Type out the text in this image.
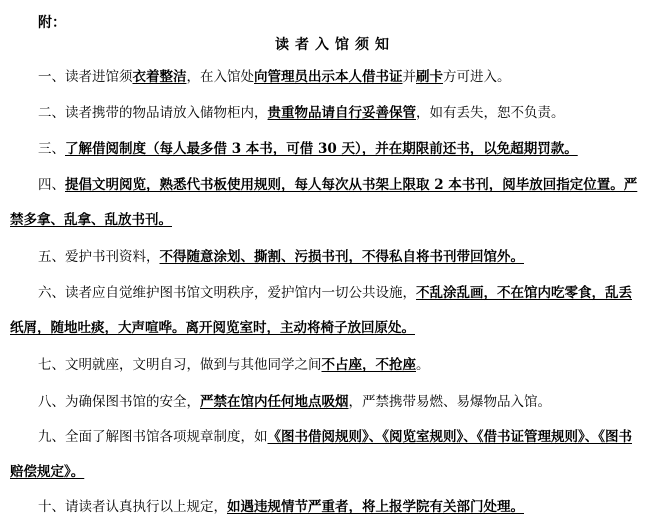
附：
读者入馆须知
一、读者进馆须衣着整洁，在入馆处向管理员出示本人借书证并刷卡方可进入。
二、读者携带的物品请放入储物柜内，贵重物品请自行妥善保管，如有丢失，恕不负责。
三、了解借阅制度（每人最多借 3 本书，可借 30 天），并在期限前还书，以免超期罚款。
四、提倡文明阅览，熟悉代书板使用规则，每人每次从书架上限取 2 本书刊，阅毕放回指定位置。严
禁多拿、乱拿、乱放书刊。
五、爱护书刊资料，不得随意涂划、撕割、污损书刊，不得私自将书刊带回馆外。
六、读者应自觉维护图书馆文明秩序，爱护馆内一切公共设施，不乱涂乱画，不在馆内吃零食，乱丢
纸屑，随地吐痰，大声喧哗。离开阅览室时，主动将椅子放回原处。
七、文明就座，文明自习，做到与其他同学之间不占座，不抢座。
八、为确保图书馆的安全，严禁在馆内任何地点吸烟，严禁携带易燃、易爆物品入馆。
九、全面了解图书馆各项规章制度，如《图书借阅规则》、《阅览室规则》、《借书证管理规则》、《图书
赔偿规定》。
十、请读者认真执行以上规定，如遇违规情节严重者，将上报学院有关部门处理。
